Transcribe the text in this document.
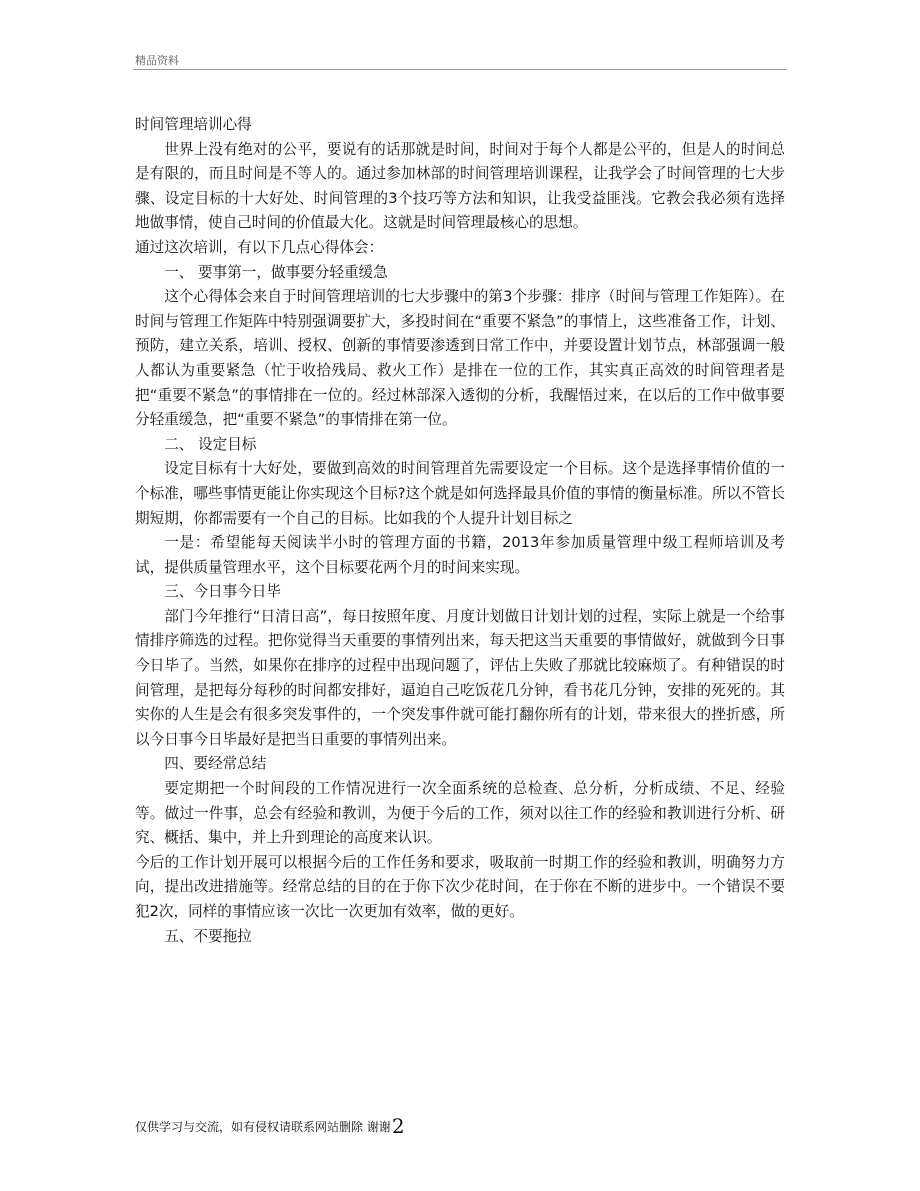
精品资料

时间管理培训心得

世界上没有绝对的公平，要说有的话那就是时间，时间对于每个人都是公平的，但是人的时间总是有限的，而且时间是不等人的。通过参加林部的时间管理培训课程，让我学会了时间管理的七大步骤、设定目标的十大好处、时间管理的3个技巧等方法和知识，让我受益匪浅。它教会我必须有选择地做事情，使自己时间的价值最大化。这就是时间管理最核心的思想。

通过这次培训，有以下几点心得体会：

一、 要事第一，做事要分轻重缓急

这个心得体会来自于时间管理培训的七大步骤中的第3个步骤：排序（时间与管理工作矩阵）。在时间与管理工作矩阵中特别强调要扩大，多投时间在“重要不紧急”的事情上，这些准备工作，计划、预防，建立关系，培训、授权、创新的事情要渗透到日常工作中，并要设置计划节点，林部强调一般人都认为重要紧急（忙于收拾残局、救火工作）是排在一位的工作，其实真正高效的时间管理者是把“重要不紧急”的事情排在一位的。经过林部深入透彻的分析，我醒悟过来，在以后的工作中做事要分轻重缓急，把“重要不紧急”的事情排在第一位。

二、 设定目标

设定目标有十大好处，要做到高效的时间管理首先需要设定一个目标。这个是选择事情价值的一个标准，哪些事情更能让你实现这个目标?这个就是如何选择最具价值的事情的衡量标准。所以不管长期短期，你都需要有一个自己的目标。比如我的个人提升计划目标之

一是：希望能每天阅读半小时的管理方面的书籍，2013年参加质量管理中级工程师培训及考试，提供质量管理水平，这个目标要花两个月的时间来实现。

三、今日事今日毕

部门今年推行“日清日高”，每日按照年度、月度计划做日计划计划的过程，实际上就是一个给事情排序筛选的过程。把你觉得当天重要的事情列出来，每天把这当天重要的事情做好，就做到今日事今日毕了。当然，如果你在排序的过程中出现问题了，评估上失败了那就比较麻烦了。有种错误的时间管理，是把每分每秒的时间都安排好，逼迫自己吃饭花几分钟，看书花几分钟，安排的死死的。其实你的人生是会有很多突发事件的，一个突发事件就可能打翻你所有的计划，带来很大的挫折感，所以今日事今日毕最好是把当日重要的事情列出来。

四、要经常总结

要定期把一个时间段的工作情况进行一次全面系统的总检查、总分析，分析成绩、不足、经验等。做过一件事，总会有经验和教训，为便于今后的工作，须对以往工作的经验和教训进行分析、研究、概括、集中，并上升到理论的高度来认识。

今后的工作计划开展可以根据今后的工作任务和要求，吸取前一时期工作的经验和教训，明确努力方向，提出改进措施等。经常总结的目的在于你下次少花时间，在于你在不断的进步中。一个错误不要犯2次，同样的事情应该一次比一次更加有效率，做的更好。

五、不要拖拉

仅供学习与交流，如有侵权请联系网站删除 谢谢2
